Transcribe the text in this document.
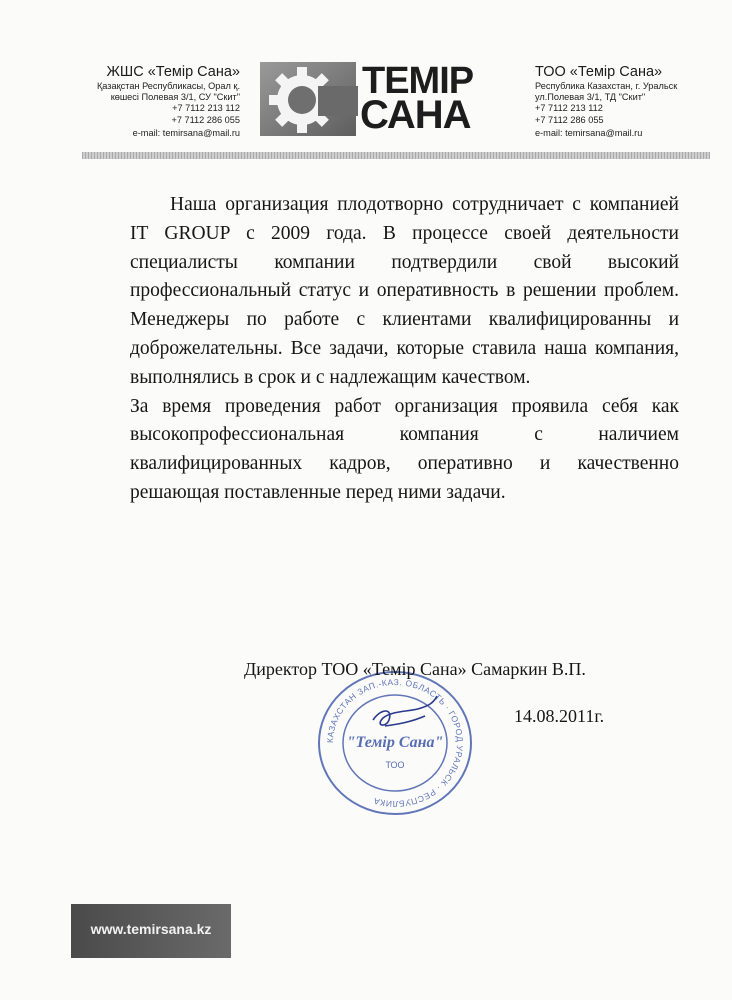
ЖШС «Темір Сана»
Қазақстан Республикасы, Орал қ.
көшесі Полевая 3/1, СУ "Скит"
+7 7112 213 112
+7 7112 286 055
e-mail: temirsana@mail.ru
ТЕМІР
САНА
ТОО «Темір Сана»
Республика Казахстан, г. Уральск
ул.Полевая 3/1, ТД "Скит"
+7 7112 213 112
+7 7112 286 055
e-mail: temirsana@mail.ru

Наша организация плодотворно сотрудничает с компанией IT GROUP с 2009 года. В процессе своей деятельности специалисты компании подтвердили свой высокий профессиональный статус и оперативность в решении проблем. Менеджеры по работе с клиентами квалифицированны и доброжелательны. Все задачи, которые ставила наша компания, выполнялись в срок и с надлежащим качеством.

За время проведения работ организация проявила себя как высокопрофессиональная компания с наличием квалифицированных кадров, оперативно и качественно решающая поставленные перед ними задачи.

КАЗАХСТАН ЗАП.-КАЗ. ОБЛАСТЬ · ГОРОД УРАЛЬСК · РЕСПУБЛИКА
"Темір Сана"
ТОО
Директор ТОО «Темір Сана» Самаркин В.П.
14.08.2011г.
www.temirsana.kz
